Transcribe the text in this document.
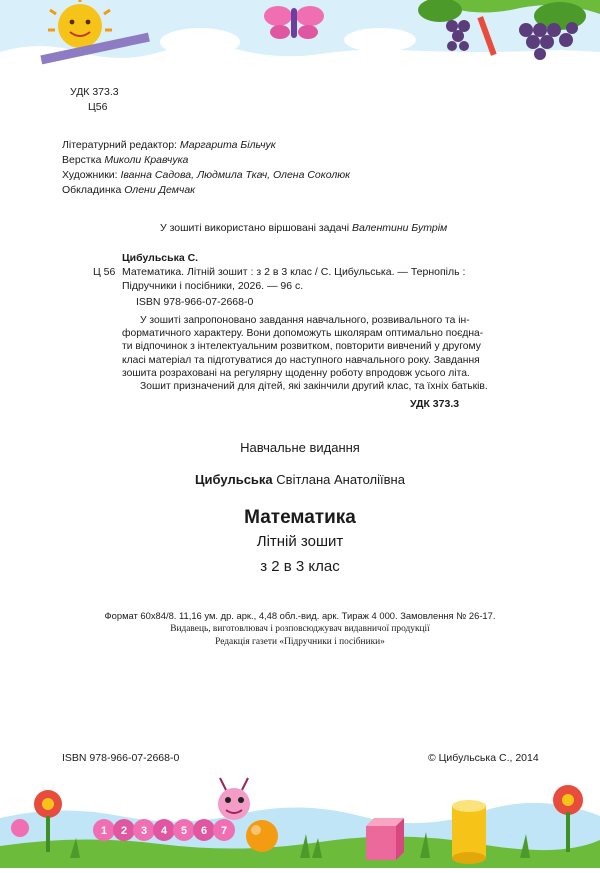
УДК 373.3
Ц56
Літературний редактор: Маргарита Більчук
Верстка Миколи Кравчука
Художники: Іванна Садова, Людмила Ткач, Олена Соколюк
Обкладинка Олени Демчак
У зошиті використано віршовані задачі Валентини Бутрім
Цибульська С.
Ц 56 Математика. Літній зошит : з 2 в 3 клас / С. Цибульська. — Тернопіль :
Підручники і посібники, 2026. — 96 с.
ISBN 978-966-07-2668-0
У зошиті запропоновано завдання навчального, розвивального та ін-
форматичного характеру. Вони допоможуть школярам оптимально поєдна-
ти відпочинок з інтелектуальним розвитком, повторити вивчений у другому
класі матеріал та підготуватися до наступного навчального року. Завдання
зошита розраховані на регулярну щоденну роботу впродовж усього літа.
Зошит призначений для дітей, які закінчили другий клас, та їхніх батьків.
УДК 373.3
Навчальне видання
Цибульська Світлана Анатоліївна
Математика
Літній зошит
з 2 в 3 клас
Формат 60х84/8. 11,16 ум. др. арк., 4,48 обл.-вид. арк. Тираж 4 000. Замовлення № 26-17.
Видавець, виготовлювач і розповсюджувач видавничої продукції
Редакція газети «Підручники і посібники»
ISBN 978-966-07-2668-0	© Цибульська С., 2014
1 2 3 4 5 6 7
